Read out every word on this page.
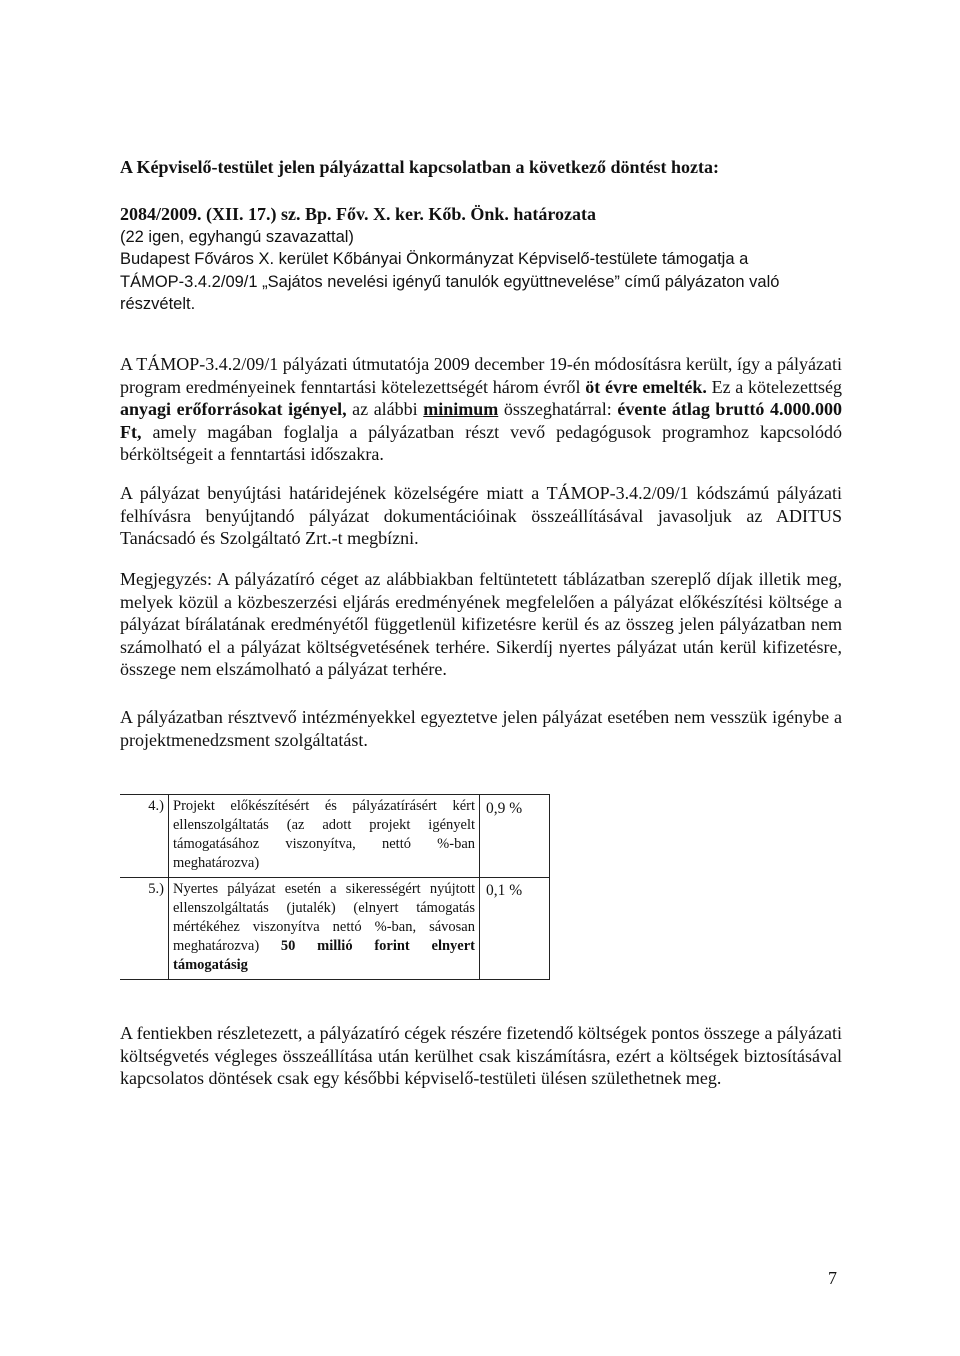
A Képviselő-testület jelen pályázattal kapcsolatban a következő döntést hozta:
2084/2009. (XII. 17.) sz. Bp. Főv. X. ker. Kőb. Önk. határozata
(22 igen, egyhangú szavazattal)
Budapest Főváros X. kerület Kőbányai Önkormányzat Képviselő-testülete támogatja a
TÁMOP-3.4.2/09/1 „Sajátos nevelési igényű tanulók együttnevelése” című pályázaton való
részvételt.
A TÁMOP-3.4.2/09/1 pályázati útmutatója 2009 december 19-én módosításra került, így a pályázati program eredményeinek fenntartási kötelezettségét három évről öt évre emelték. Ez a kötelezettség anyagi erőforrásokat igényel, az alábbi minimum összeghatárral: évente átlag bruttó 4.000.000 Ft, amely magában foglalja a pályázatban részt vevő pedagógusok programhoz kapcsolódó bérköltségeit a fenntartási időszakra.
A pályázat benyújtási határidejének közelségére miatt a TÁMOP-3.4.2/09/1 kódszámú pályázati felhívásra benyújtandó pályázat dokumentációinak összeállításával javasoljuk az ADITUS Tanácsadó és Szolgáltató Zrt.-t megbízni.
Megjegyzés: A pályázatíró céget az alábbiakban feltüntetett táblázatban szereplő díjak illetik meg, melyek közül a közbeszerzési eljárás eredményének megfelelően a pályázat előkészítési költsége a pályázat bírálatának eredményétől függetlenül kifizetésre kerül és az összeg jelen pályázatban nem számolható el a pályázat költségvetésének terhére. Sikerdíj nyertes pályázat után kerül kifizetésre, összege nem elszámolható a pályázat terhére.
A pályázatban résztvevő intézményekkel egyeztetve jelen pályázat esetében nem vesszük igénybe a projektmenedzsment szolgáltatást.
4.) Projekt előkészítésért és pályázatírásért kért ellenszolgáltatás (az adott projekt igényelt támogatásához viszonyítva, nettó %-ban meghatározva)
0,9 %
5.) Nyertes pályázat esetén a sikerességért nyújtott ellenszolgáltatás (jutalék) (elnyert támogatás mértékéhez viszonyítva nettó %-ban, sávosan meghatározva) 50 millió forint elnyert támogatásig
0,1 %
A fentiekben részletezett, a pályázatíró cégek részére fizetendő költségek pontos összege a pályázati költségvetés végleges összeállítása után kerülhet csak kiszámításra, ezért a költségek biztosításával kapcsolatos döntések csak egy későbbi képviselő-testületi ülésen születhetnek meg.
7
